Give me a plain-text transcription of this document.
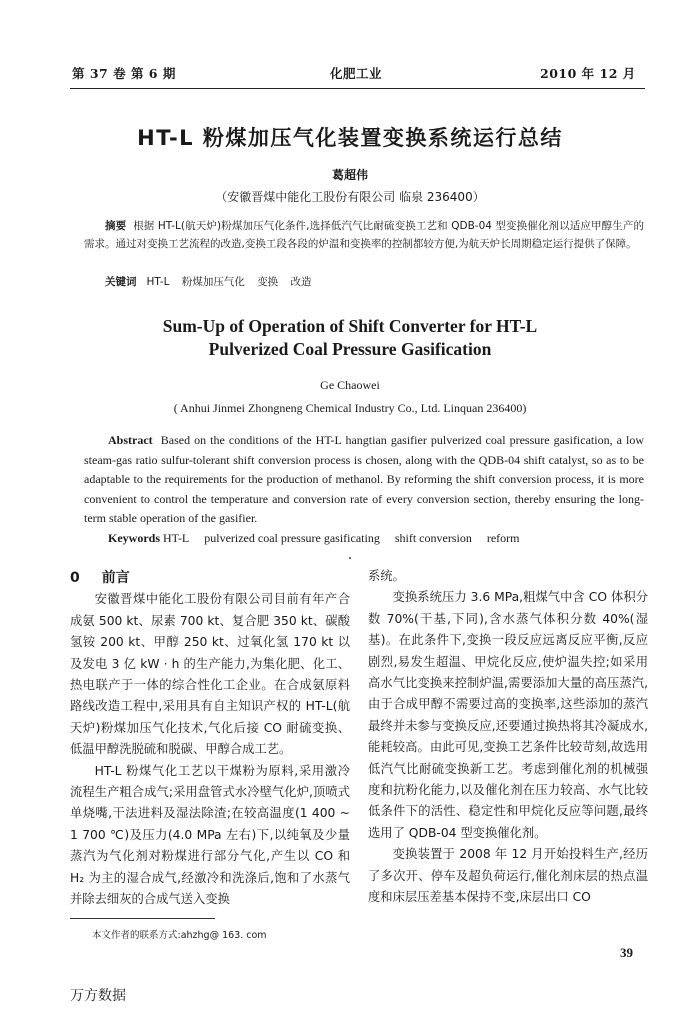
第 37 卷 第 6 期	化肥工业	2010 年 12 月
HT-L 粉煤加压气化装置变换系统运行总结
葛超伟
（安徽晋煤中能化工股份有限公司 临泉 236400）
摘要 根据 HT-L(航天炉)粉煤加压气化条件,选择低汽气比耐硫变换工艺和 QDB-04 型变换催化剂以适应甲醇生产的需求。通过对变换工艺流程的改造,变换工段各段的炉温和变换率的控制都较方便,为航天炉长周期稳定运行提供了保障。
关键词 HT-L 粉煤加压气化 变换 改造
Sum-Up of Operation of Shift Converter for HT-L
Pulverized Coal Pressure Gasification
Ge Chaowei
( Anhui Jinmei Zhongneng Chemical Industry Co., Ltd. Linquan 236400)
Abstract Based on the conditions of the HT-L hangtian gasifier pulverized coal pressure gasification, a low steam-gas ratio sulfur-tolerant shift conversion process is chosen, along with the QDB-04 shift catalyst, so as to be adaptable to the requirements for the production of methanol. By reforming the shift conversion process, it is more convenient to control the temperature and conversion rate of every conversion section, thereby ensuring the long-term stable operation of the gasifier.
Keywords HT-L pulverized coal pressure gasificating shift conversion reform

0 前言

安徽晋煤中能化工股份有限公司目前有年产合成氨 500 kt、尿素 700 kt、复合肥 350 kt、碳酸氢铵 200 kt、甲醇 250 kt、过氧化氢 170 kt 以及发电 3 亿 kW · h 的生产能力,为集化肥、化工、热电联产于一体的综合性化工企业。在合成氨原料路线改造工程中,采用具有自主知识产权的 HT-L(航天炉)粉煤加压气化技术,气化后接 CO 耐硫变换、低温甲醇洗脱硫和脱碳、甲醇合成工艺。

HT-L 粉煤气化工艺以干煤粉为原料,采用激冷流程生产粗合成气;采用盘管式水冷壁气化炉,顶喷式单烧嘴,干法进料及湿法除渣;在较高温度(1 400 ~ 1 700 ℃)及压力(4.0 MPa 左右)下,以纯氧及少量蒸汽为气化剂对粉煤进行部分气化,产生以 CO 和 H₂ 为主的湿合成气,经激冷和洗涤后,饱和了水蒸气并除去细灰的合成气送入变换

系统。

变换系统压力 3.6 MPa,粗煤气中含 CO 体积分数 70%(干基,下同),含水蒸气体积分数 40%(湿基)。在此条件下,变换一段反应远离反应平衡,反应剧烈,易发生超温、甲烷化反应,使炉温失控;如采用高水气比变换来控制炉温,需要添加大量的高压蒸汽,由于合成甲醇不需要过高的变换率,这些添加的蒸汽最终并未参与变换反应,还要通过换热将其冷凝成水,能耗较高。由此可见,变换工艺条件比较苛刻,故选用低汽气比耐硫变换新工艺。考虑到催化剂的机械强度和抗粉化能力,以及催化剂在压力较高、水气比较低条件下的活性、稳定性和甲烷化反应等问题,最终选用了 QDB-04 型变换催化剂。

变换装置于 2008 年 12 月开始投料生产,经历了多次开、停车及超负荷运行,催化剂床层的热点温度和床层压差基本保持不变,床层出口 CO

本文作者的联系方式:ahzhg@ 163. com
39
万方数据
